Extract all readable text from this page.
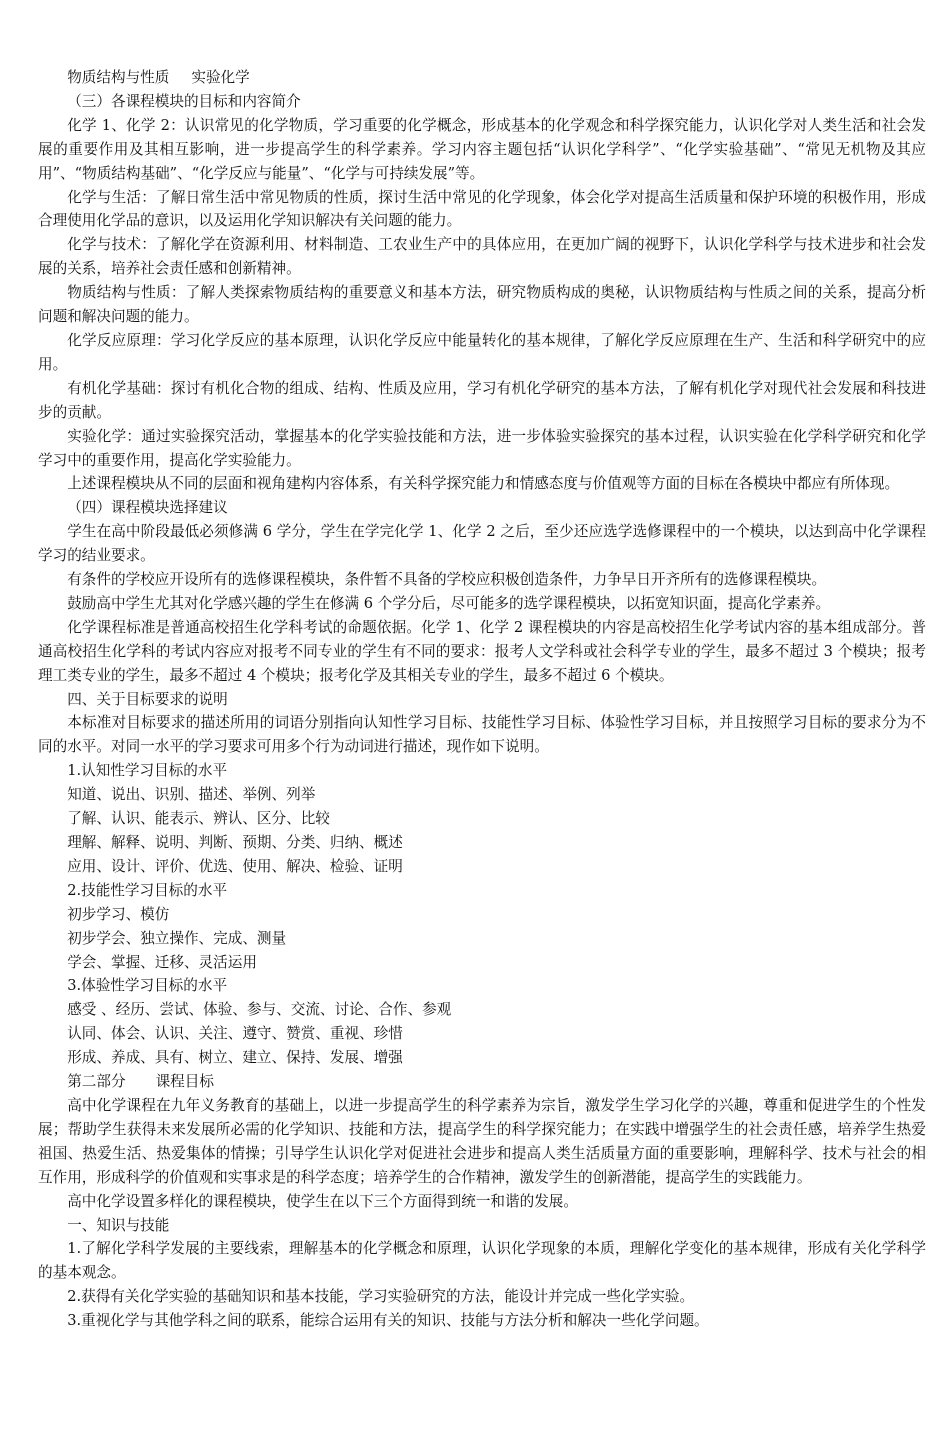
物质结构与性质 实验化学

（三）各课程模块的目标和内容简介

化学 1、化学 2：认识常见的化学物质，学习重要的化学概念，形成基本的化学观念和科学探究能力，认识化学对人类生活和社会发展的重要作用及其相互影响，进一步提高学生的科学素养。学习内容主题包括“认识化学科学”、“化学实验基础”、“常见无机物及其应用”、“物质结构基础”、“化学反应与能量”、“化学与可持续发展”等。

化学与生活：了解日常生活中常见物质的性质，探讨生活中常见的化学现象，体会化学对提高生活质量和保护环境的积极作用，形成合理使用化学品的意识，以及运用化学知识解决有关问题的能力。

化学与技术：了解化学在资源利用、材料制造、工农业生产中的具体应用，在更加广阔的视野下，认识化学科学与技术进步和社会发展的关系，培养社会责任感和创新精神。

物质结构与性质：了解人类探索物质结构的重要意义和基本方法，研究物质构成的奥秘，认识物质结构与性质之间的关系，提高分析问题和解决问题的能力。

化学反应原理：学习化学反应的基本原理，认识化学反应中能量转化的基本规律，了解化学反应原理在生产、生活和科学研究中的应用。

有机化学基础：探讨有机化合物的组成、结构、性质及应用，学习有机化学研究的基本方法，了解有机化学对现代社会发展和科技进步的贡献。

实验化学：通过实验探究活动，掌握基本的化学实验技能和方法，进一步体验实验探究的基本过程，认识实验在化学科学研究和化学学习中的重要作用，提高化学实验能力。

上述课程模块从不同的层面和视角建构内容体系，有关科学探究能力和情感态度与价值观等方面的目标在各模块中都应有所体现。

（四）课程模块选择建议

学生在高中阶段最低必须修满 6 学分，学生在学完化学 1、化学 2 之后，至少还应选学选修课程中的一个模块，以达到高中化学课程学习的结业要求。

有条件的学校应开设所有的选修课程模块，条件暂不具备的学校应积极创造条件，力争早日开齐所有的选修课程模块。

鼓励高中学生尤其对化学感兴趣的学生在修满 6 个学分后，尽可能多的选学课程模块，以拓宽知识面，提高化学素养。

化学课程标准是普通高校招生化学科考试的命题依据。化学 1、化学 2 课程模块的内容是高校招生化学考试内容的基本组成部分。普通高校招生化学科的考试内容应对报考不同专业的学生有不同的要求：报考人文学科或社会科学专业的学生，最多不超过 3 个模块；报考理工类专业的学生，最多不超过 4 个模块；报考化学及其相关专业的学生，最多不超过 6 个模块。

四、关于目标要求的说明

本标准对目标要求的描述所用的词语分别指向认知性学习目标、技能性学习目标、体验性学习目标，并且按照学习目标的要求分为不同的水平。对同一水平的学习要求可用多个行为动词进行描述，现作如下说明。

1.认知性学习目标的水平

知道、说出、识别、描述、举例、列举

了解、认识、能表示、辨认、区分、比较

理解、解释、说明、判断、预期、分类、归纳、概述

应用、设计、评价、优选、使用、解决、检验、证明

2.技能性学习目标的水平

初步学习、模仿

初步学会、独立操作、完成、测量

学会、掌握、迁移、灵活运用

3.体验性学习目标的水平

感受 、经历、尝试、体验、参与、交流、讨论、合作、参观

认同、体会、认识、关注、遵守、赞赏、重视、珍惜

形成、养成、具有、树立、建立、保持、发展、增强

第二部分 课程目标

高中化学课程在九年义务教育的基础上，以进一步提高学生的科学素养为宗旨，激发学生学习化学的兴趣，尊重和促进学生的个性发展；帮助学生获得未来发展所必需的化学知识、技能和方法，提高学生的科学探究能力；在实践中增强学生的社会责任感，培养学生热爱祖国、热爱生活、热爱集体的情操；引导学生认识化学对促进社会进步和提高人类生活质量方面的重要影响，理解科学、技术与社会的相互作用，形成科学的价值观和实事求是的科学态度；培养学生的合作精神，激发学生的创新潜能，提高学生的实践能力。

高中化学设置多样化的课程模块，使学生在以下三个方面得到统一和谐的发展。

一、知识与技能

1.了解化学科学发展的主要线索，理解基本的化学概念和原理，认识化学现象的本质，理解化学变化的基本规律，形成有关化学科学的基本观念。

2.获得有关化学实验的基础知识和基本技能，学习实验研究的方法，能设计并完成一些化学实验。

3.重视化学与其他学科之间的联系，能综合运用有关的知识、技能与方法分析和解决一些化学问题。
